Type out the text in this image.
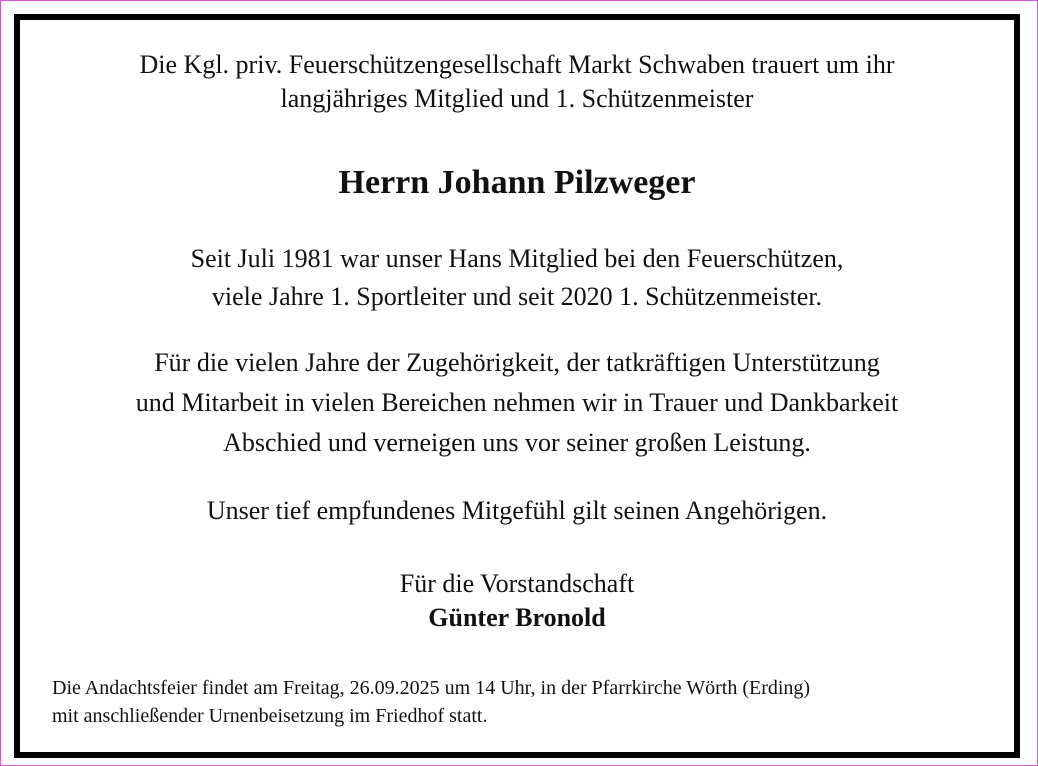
Die Kgl. priv. Feuerschützengesellschaft Markt Schwaben trauert um ihr
langjähriges Mitglied und 1. Schützenmeister
Herrn Johann Pilzweger
Seit Juli 1981 war unser Hans Mitglied bei den Feuerschützen,
viele Jahre 1. Sportleiter und seit 2020 1. Schützenmeister.
Für die vielen Jahre der Zugehörigkeit, der tatkräftigen Unterstützung
und Mitarbeit in vielen Bereichen nehmen wir in Trauer und Dankbarkeit
Abschied und verneigen uns vor seiner großen Leistung.
Unser tief empfundenes Mitgefühl gilt seinen Angehörigen.
Für die Vorstandschaft
Günter Bronold
Die Andachtsfeier findet am Freitag, 26.09.2025 um 14 Uhr, in der Pfarrkirche Wörth (Erding)
mit anschließender Urnenbeisetzung im Friedhof statt.
